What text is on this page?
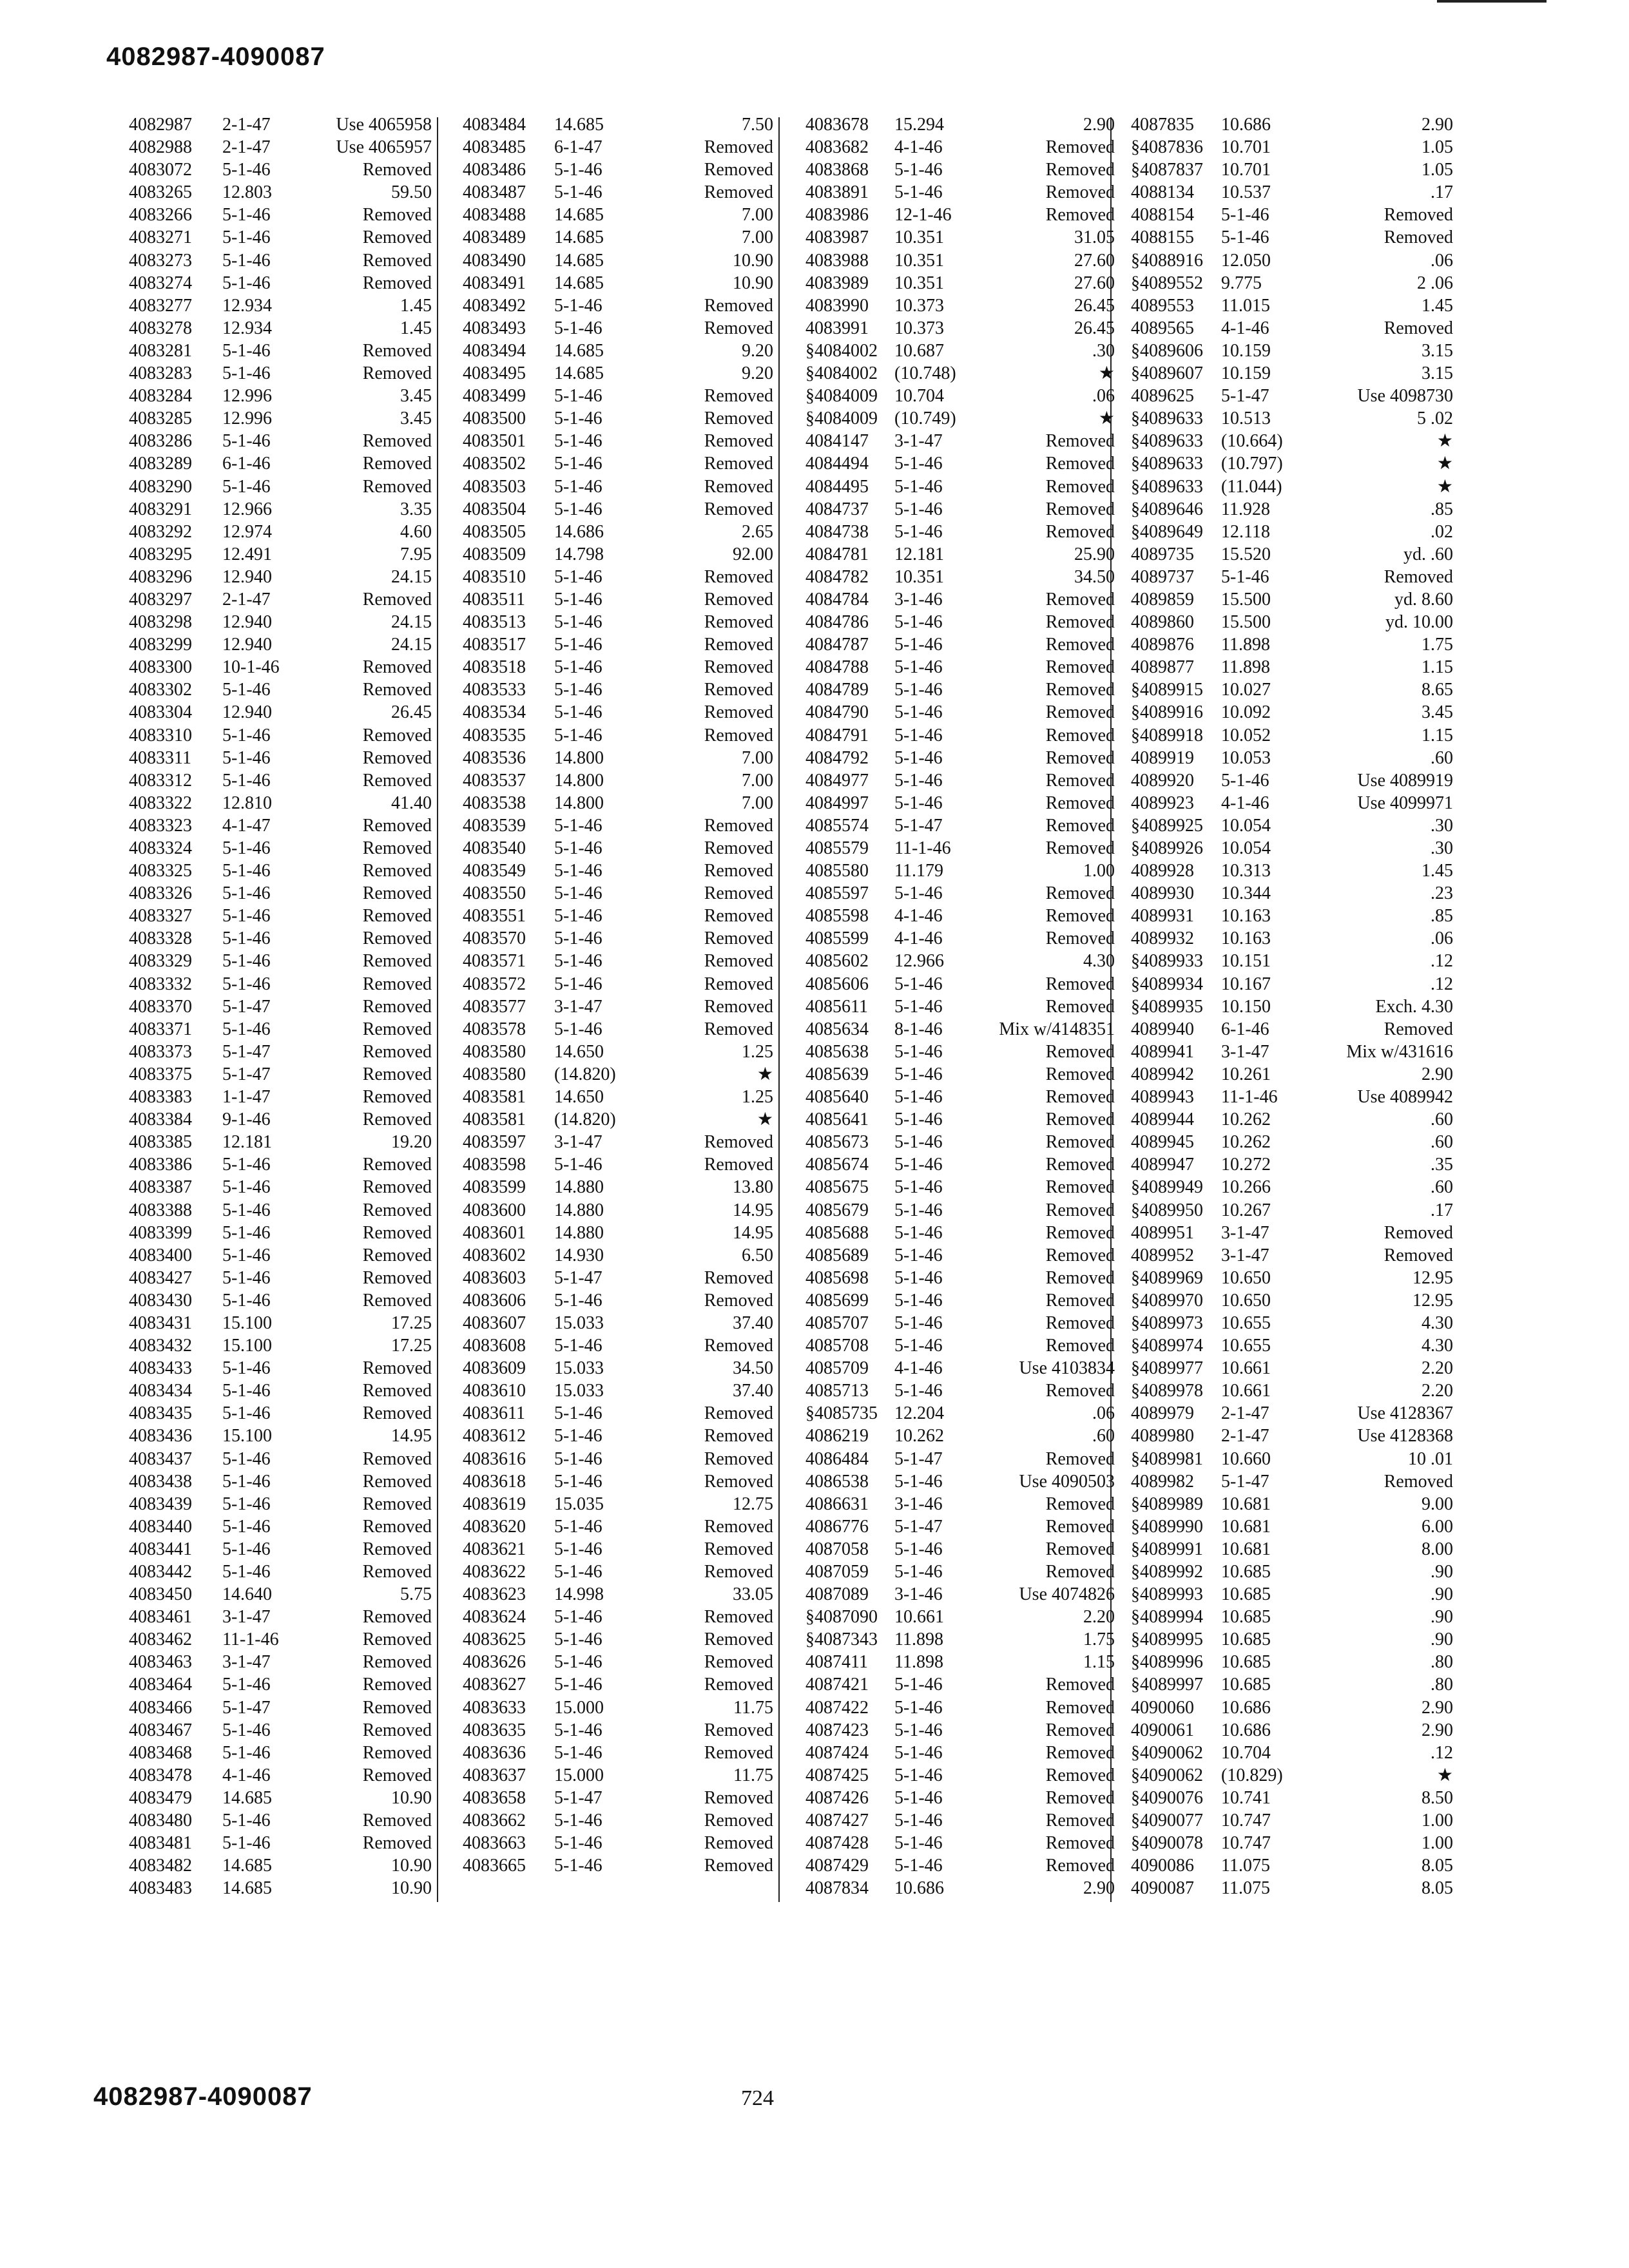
4082987-4090087
4082987 2-1-47	Use 4065958
4082988 2-1-47	Use 4065957
4083072 5-1-46	Removed
4083265 12.803	59.50
4083266 5-1-46	Removed
4083271 5-1-46	Removed
4083273 5-1-46	Removed
4083274 5-1-46	Removed
4083277 12.934	1.45
4083278 12.934	1.45
4083281 5-1-46	Removed
4083283 5-1-46	Removed
4083284 12.996	3.45
4083285 12.996	3.45
4083286 5-1-46	Removed
4083289 6-1-46	Removed
4083290 5-1-46	Removed
4083291 12.966	3.35
4083292 12.974	4.60
4083295 12.491	7.95
4083296 12.940	24.15
4083297 2-1-47	Removed
4083298 12.940	24.15
4083299 12.940	24.15
4083300 10-1-46	Removed
4083302 5-1-46	Removed
4083304 12.940	26.45
4083310 5-1-46	Removed
4083311 5-1-46	Removed
4083312 5-1-46	Removed
4083322 12.810	41.40
4083323 4-1-47	Removed
4083324 5-1-46	Removed
4083325 5-1-46	Removed
4083326 5-1-46	Removed
4083327 5-1-46	Removed
4083328 5-1-46	Removed
4083329 5-1-46	Removed
4083332 5-1-46	Removed
4083370 5-1-47	Removed
4083371 5-1-46	Removed
4083373 5-1-47	Removed
4083375 5-1-47	Removed
4083383 1-1-47	Removed
4083384 9-1-46	Removed
4083385 12.181	19.20
4083386 5-1-46	Removed
4083387 5-1-46	Removed
4083388 5-1-46	Removed
4083399 5-1-46	Removed
4083400 5-1-46	Removed
4083427 5-1-46	Removed
4083430 5-1-46	Removed
4083431 15.100	17.25
4083432 15.100	17.25
4083433 5-1-46	Removed
4083434 5-1-46	Removed
4083435 5-1-46	Removed
4083436 15.100	14.95
4083437 5-1-46	Removed
4083438 5-1-46	Removed
4083439 5-1-46	Removed
4083440 5-1-46	Removed
4083441 5-1-46	Removed
4083442 5-1-46	Removed
4083450 14.640	5.75
4083461 3-1-47	Removed
4083462 11-1-46	Removed
4083463 3-1-47	Removed
4083464 5-1-46	Removed
4083466 5-1-47	Removed
4083467 5-1-46	Removed
4083468 5-1-46	Removed
4083478 4-1-46	Removed
4083479 14.685	10.90
4083480 5-1-46	Removed
4083481 5-1-46	Removed
4083482 14.685	10.90
4083483 14.685	10.90
4083484 14.685	7.50
4083485 6-1-47	Removed
4083486 5-1-46	Removed
4083487 5-1-46	Removed
4083488 14.685	7.00
4083489 14.685	7.00
4083490 14.685	10.90
4083491 14.685	10.90
4083492 5-1-46	Removed
4083493 5-1-46	Removed
4083494 14.685	9.20
4083495 14.685	9.20
4083499 5-1-46	Removed
4083500 5-1-46	Removed
4083501 5-1-46	Removed
4083502 5-1-46	Removed
4083503 5-1-46	Removed
4083504 5-1-46	Removed
4083505 14.686	2.65
4083509 14.798	92.00
4083510 5-1-46	Removed
4083511 5-1-46	Removed
4083513 5-1-46	Removed
4083517 5-1-46	Removed
4083518 5-1-46	Removed
4083533 5-1-46	Removed
4083534 5-1-46	Removed
4083535 5-1-46	Removed
4083536 14.800	7.00
4083537 14.800	7.00
4083538 14.800	7.00
4083539 5-1-46	Removed
4083540 5-1-46	Removed
4083549 5-1-46	Removed
4083550 5-1-46	Removed
4083551 5-1-46	Removed
4083570 5-1-46	Removed
4083571 5-1-46	Removed
4083572 5-1-46	Removed
4083577 3-1-47	Removed
4083578 5-1-46	Removed
4083580 14.650	1.25
4083580 (14.820)	★
4083581 14.650	1.25
4083581 (14.820)	★
4083597 3-1-47	Removed
4083598 5-1-46	Removed
4083599 14.880	13.80
4083600 14.880	14.95
4083601 14.880	14.95
4083602 14.930	6.50
4083603 5-1-47	Removed
4083606 5-1-46	Removed
4083607 15.033	37.40
4083608 5-1-46	Removed
4083609 15.033	34.50
4083610 15.033	37.40
4083611 5-1-46	Removed
4083612 5-1-46	Removed
4083616 5-1-46	Removed
4083618 5-1-46	Removed
4083619 15.035	12.75
4083620 5-1-46	Removed
4083621 5-1-46	Removed
4083622 5-1-46	Removed
4083623 14.998	33.05
4083624 5-1-46	Removed
4083625 5-1-46	Removed
4083626 5-1-46	Removed
4083627 5-1-46	Removed
4083633 15.000	11.75
4083635 5-1-46	Removed
4083636 5-1-46	Removed
4083637 15.000	11.75
4083658 5-1-47	Removed
4083662 5-1-46	Removed
4083663 5-1-46	Removed
4083665 5-1-46	Removed
4083678 15.294	2.90
4083682 4-1-46	Removed
4083868 5-1-46	Removed
4083891 5-1-46	Removed
4083986 12-1-46	Removed
4083987 10.351	31.05
4083988 10.351	27.60
4083989 10.351	27.60
4083990 10.373	26.45
4083991 10.373	26.45
§4084002 10.687	.30
§4084002 (10.748)	★
§4084009 10.704	.06
§4084009 (10.749)	★
4084147 3-1-47	Removed
4084494 5-1-46	Removed
4084495 5-1-46	Removed
4084737 5-1-46	Removed
4084738 5-1-46	Removed
4084781 12.181	25.90
4084782 10.351	34.50
4084784 3-1-46	Removed
4084786 5-1-46	Removed
4084787 5-1-46	Removed
4084788 5-1-46	Removed
4084789 5-1-46	Removed
4084790 5-1-46	Removed
4084791 5-1-46	Removed
4084792 5-1-46	Removed
4084977 5-1-46	Removed
4084997 5-1-46	Removed
4085574 5-1-47	Removed
4085579 11-1-46	Removed
4085580 11.179	1.00
4085597 5-1-46	Removed
4085598 4-1-46	Removed
4085599 4-1-46	Removed
4085602 12.966	4.30
4085606 5-1-46	Removed
4085611 5-1-46	Removed
4085634 8-1-46	Mix w/4148351
4085638 5-1-46	Removed
4085639 5-1-46	Removed
4085640 5-1-46	Removed
4085641 5-1-46	Removed
4085673 5-1-46	Removed
4085674 5-1-46	Removed
4085675 5-1-46	Removed
4085679 5-1-46	Removed
4085688 5-1-46	Removed
4085689 5-1-46	Removed
4085698 5-1-46	Removed
4085699 5-1-46	Removed
4085707 5-1-46	Removed
4085708 5-1-46	Removed
4085709 4-1-46	Use 4103834
4085713 5-1-46	Removed
§4085735 12.204	.06
4086219 10.262	.60
4086484 5-1-47	Removed
4086538 5-1-46	Use 4090503
4086631 3-1-46	Removed
4086776 5-1-47	Removed
4087058 5-1-46	Removed
4087059 5-1-46	Removed
4087089 3-1-46	Use 4074826
§4087090 10.661	2.20
§4087343 11.898	1.75
4087411 11.898	1.15
4087421 5-1-46	Removed
4087422 5-1-46	Removed
4087423 5-1-46	Removed
4087424 5-1-46	Removed
4087425 5-1-46	Removed
4087426 5-1-46	Removed
4087427 5-1-46	Removed
4087428 5-1-46	Removed
4087429 5-1-46	Removed
4087834 10.686	2.90
4087835 10.686	2.90
§4087836 10.701	1.05
§4087837 10.701	1.05
4088134 10.537	.17
4088154 5-1-46	Removed
4088155 5-1-46	Removed
§4088916 12.050	.06
§4089552 9.775	2 .06
4089553 11.015	1.45
4089565 4-1-46	Removed
§4089606 10.159	3.15
§4089607 10.159	3.15
4089625 5-1-47	Use 4098730
§4089633 10.513	5 .02
§4089633 (10.664)	★
§4089633 (10.797)	★
§4089633 (11.044)	★
§4089646 11.928	.85
§4089649 12.118	.02
4089735 15.520	yd. .60
4089737 5-1-46	Removed
4089859 15.500	yd. 8.60
4089860 15.500	yd. 10.00
4089876 11.898	1.75
4089877 11.898	1.15
§4089915 10.027	8.65
§4089916 10.092	3.45
§4089918 10.052	1.15
4089919 10.053	.60
4089920 5-1-46	Use 4089919
4089923 4-1-46	Use 4099971
§4089925 10.054	.30
§4089926 10.054	.30
4089928 10.313	1.45
4089930 10.344	.23
4089931 10.163	.85
4089932 10.163	.06
§4089933 10.151	.12
§4089934 10.167	.12
§4089935 10.150	Exch. 4.30
4089940 6-1-46	Removed
4089941 3-1-47	Mix w/431616
4089942 10.261	2.90
4089943 11-1-46	Use 4089942
4089944 10.262	.60
4089945 10.262	.60
4089947 10.272	.35
§4089949 10.266	.60
§4089950 10.267	.17
4089951 3-1-47	Removed
4089952 3-1-47	Removed
§4089969 10.650	12.95
§4089970 10.650	12.95
§4089973 10.655	4.30
§4089974 10.655	4.30
§4089977 10.661	2.20
§4089978 10.661	2.20
4089979 2-1-47	Use 4128367
4089980 2-1-47	Use 4128368
§4089981 10.660	10 .01
4089982 5-1-47	Removed
§4089989 10.681	9.00
§4089990 10.681	6.00
§4089991 10.681	8.00
§4089992 10.685	.90
§4089993 10.685	.90
§4089994 10.685	.90
§4089995 10.685	.90
§4089996 10.685	.80
§4089997 10.685	.80
4090060 10.686	2.90
4090061 10.686	2.90
§4090062 10.704	.12
§4090062 (10.829)	★
§4090076 10.741	8.50
§4090077 10.747	1.00
§4090078 10.747	1.00
4090086 11.075	8.05
4090087 11.075	8.05
4082987-4090087	724
